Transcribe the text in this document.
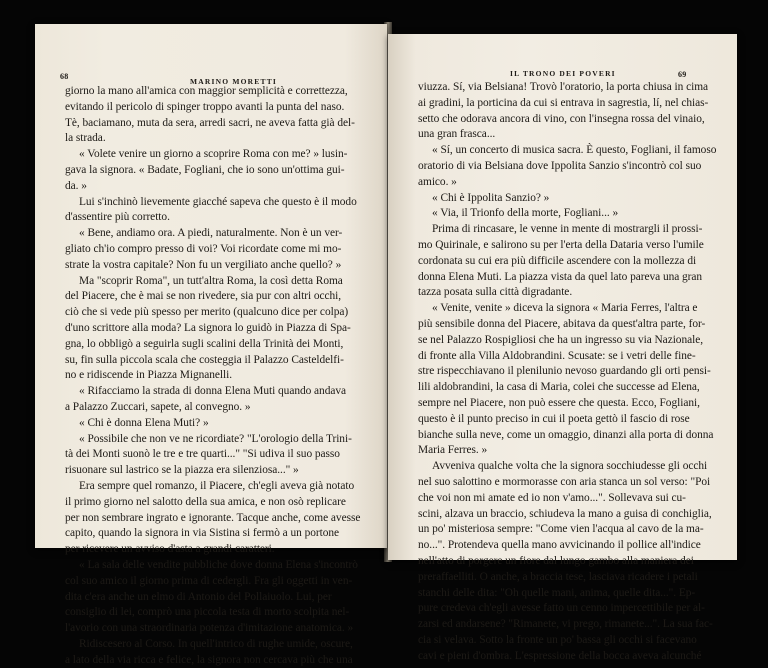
68
MARINO MORETTI
giorno la mano all'amica con maggior semplicità e correttezza,
evitando il pericolo di spinger troppo avanti la punta del naso.
Tè, baciamano, muta da sera, arredi sacri, ne aveva fatta già del-
la strada.
« Volete venire un giorno a scoprire Roma con me? » lusin-
gava la signora. « Badate, Fogliani, che io sono un'ottima gui-
da. »
Lui s'inchinò lievemente giacché sapeva che questo è il modo
d'assentire più corretto.
« Bene, andiamo ora. A piedi, naturalmente. Non è un ver-
gliato ch'io compro presso di voi? Voi ricordate come mi mo-
strate la vostra capitale? Non fu un vergiliato anche quello? »
Ma "scoprir Roma", un tutt'altra Roma, la così detta Roma
del Piacere, che è mai se non rivedere, sia pur con altri occhi,
ciò che si vede più spesso per merito (qualcuno dice per colpa)
d'uno scrittore alla moda? La signora lo guidò in Piazza di Spa-
gna, lo obbligò a seguirla sugli scalini della Trinità dei Monti,
su, fin sulla piccola scala che costeggia il Palazzo Casteldelfi-
no e ridiscende in Piazza Mignanelli.
« Rifacciamo la strada di donna Elena Muti quando andava
a Palazzo Zuccari, sapete, al convegno. »
« Chi è donna Elena Muti? »
« Possibile che non ve ne ricordiate? "L'orologio della Trini-
tà dei Monti suonò le tre e tre quarti..." "Si udiva il suo passo
risuonare sul lastrico se la piazza era silenziosa..." »
Era sempre quel romanzo, il Piacere, ch'egli aveva già notato
il primo giorno nel salotto della sua amica, e non osò replicare
per non sembrare ingrato e ignorante. Tacque anche, come avesse
capito, quando la signora in via Sistina si fermò a un portone
per ricevere un avviso d'asta a grandi caratteri.
« La sala delle vendite pubbliche dove donna Elena s'incontrò
col suo amico il giorno prima di cedergli. Fra gli oggetti in ven-
dita c'era anche un elmo di Antonio del Pollaiuolo. Lui, per
consiglio di lei, comprò una piccola testa di morto scolpita nel-
l'avorio con una straordinaria potenza d'imitazione anatomica. »
Ridiscesero al Corso. In quell'intrico di rughe umide, oscure,
a lato della via ricca e felice, la signora non cercava più che una
IL TRONO DEI POVERI	69
viuzza. Sí, via Belsiana! Trovò l'oratorio, la porta chiusa in cima
ai gradini, la porticina da cui si entrava in sagrestia, lí, nel chias-
setto che odorava ancora di vino, con l'insegna rossa del vinaio,
una gran frasca...
« Sí, un concerto di musica sacra. È questo, Fogliani, il famoso
oratorio di via Belsiana dove Ippolita Sanzio s'incontrò col suo
amico. »
« Chi è Ippolita Sanzio? »
« Via, il Trionfo della morte, Fogliani... »
Prima di rincasare, le venne in mente di mostrargli il prossi-
mo Quirinale, e salirono su per l'erta della Dataria verso l'umile
cordonata su cui era più difficile ascendere con la mollezza di
donna Elena Muti. La piazza vista da quel lato pareva una gran
tazza posata sulla città digradante.
« Venite, venite » diceva la signora « Maria Ferres, l'altra e
più sensibile donna del Piacere, abitava da quest'altra parte, for-
se nel Palazzo Rospigliosi che ha un ingresso su via Nazionale,
di fronte alla Villa Aldobrandini. Scusate: se i vetri delle fine-
stre rispecchiavano il plenilunio nevoso guardando gli orti pensi-
lili aldobrandini, la casa di Maria, colei che successe ad Elena,
sempre nel Piacere, non può essere che questa. Ecco, Fogliani,
questo è il punto preciso in cui il poeta gettò il fascio di rose
bianche sulla neve, come un omaggio, dinanzi alla porta di donna
Maria Ferres. »
Avveniva qualche volta che la signora socchiudesse gli occhi
nel suo salottino e mormorasse con aria stanca un sol verso: "Poi
che voi non mi amate ed io non v'amo...". Sollevava sui cu-
scini, alzava un braccio, schiudeva la mano a guisa di conchiglia,
un po' misteriosa sempre: "Come vien l'acqua al cavo de la ma-
no...". Protendeva quella mano avvicinando il pollice all'indice
nell'atto di porgere un fiore dal lungo gambo alla maniera dei
preraffaelliti. O anche, a braccia tese, lasciava ricadere i petali
stanchi delle dita: "Oh quelle mani, anima, quelle dita...". Ep-
pure credeva ch'egli avesse fatto un cenno impercettibile per al-
zarsi ed andarsene? "Rimanete, vi prego, rimanete...". La sua fac-
cia si velava. Sotto la fronte un po' bassa gli occhi si facevano
cavi e pieni d'ombra. L'espressione della bocca aveva alcunché
